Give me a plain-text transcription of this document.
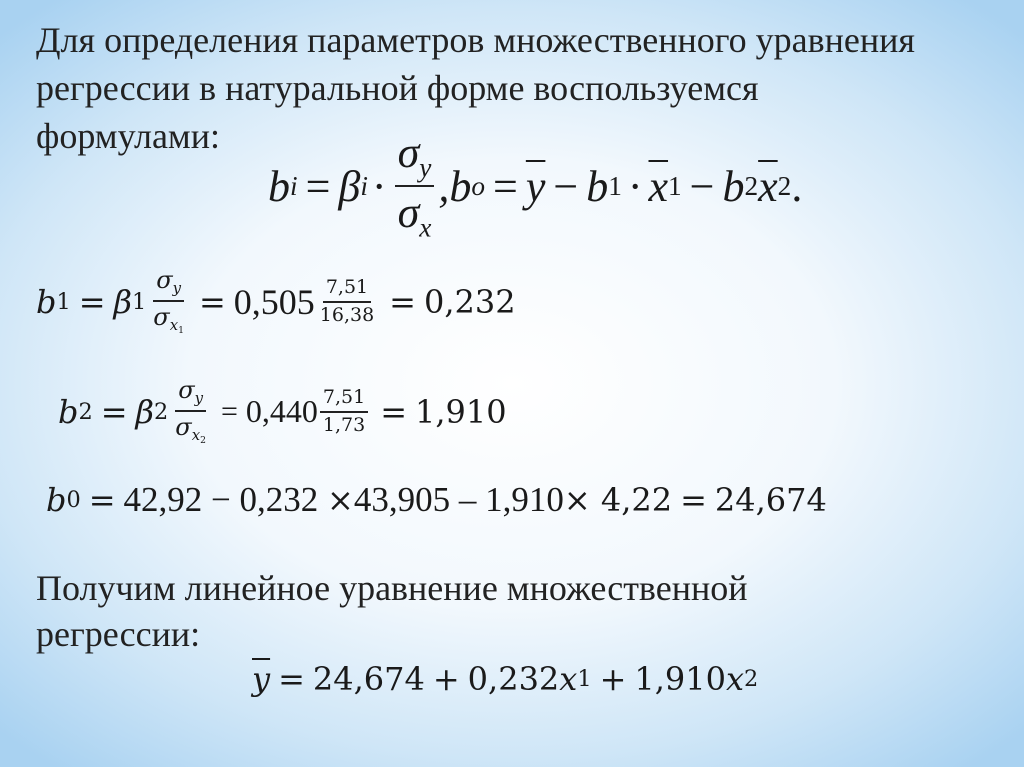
Для определения параметров множественного уравнения
регрессии в натуральной форме воспользуемся
формулами:
b i = β $i \cdot \frac{\sigma_y}{\sigma_x} ,b$ $o = \overline{y} - b$ $1 \cdot \overline{x}$ 1 − b 2 $\overline{x}$ 2 .
b 1 = β $1 \frac{\sigma_y}{\sigma_{x_1}} = 0,505 \frac{7,51}{16,38} = 0,232$
b 2 = β $2 \frac{\sigma_y}{\sigma_{x_2}} = 0,440 \frac{7,51}{1,73} = 1,910$
b 0 = 42,92 − 0,232 × 43,905 – 1,910 × 4,22 = 24,674
Получим линейное уравнение множественной
регрессии:
$\overline{y} = 24,674 + 0,232$ x 1 + 1,910 x 2
